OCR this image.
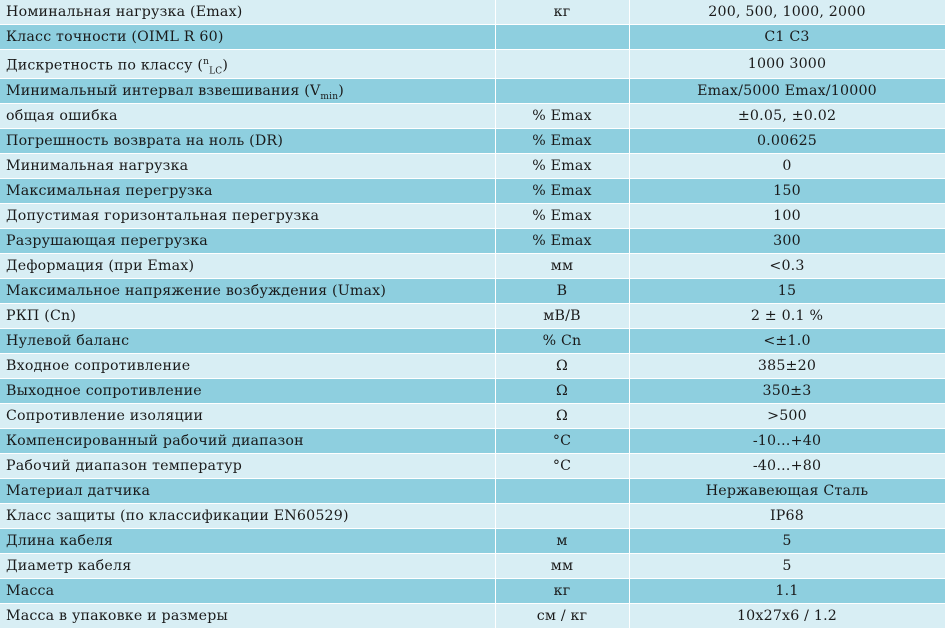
Номинальная нагрузка (Emax)	кг	200, 500, 1000, 2000
Класс точности (OIML R 60)		C1 C3
Дискретность по классу ($^n_{LC}$)		1000 3000
Минимальный интервал взвешивания $(V_{min})$		Emax/5000 Emax/10000
общая ошибка	% Emax	±0.05, ±0.02
Погрешность возврата на ноль (DR)	% Emax	0.00625
Минимальная нагрузка	% Emax	0
Максимальная перегрузка	% Emax	150
Допустимая горизонтальная перегрузка	% Emax	100
Разрушающая перегрузка	% Emax	300
Деформация (при Emax)	мм	<0.3
Максимальное напряжение возбуждения (Umax)	В	15
РКП (Cn)	мВ/В	2 ± 0.1 %
Нулевой баланс	% Cn	<±1.0
Входное сопротивление	Ω	385±20
Выходное сопротивление	Ω	350±3
Сопротивление изоляции	Ω	>500
Компенсированный рабочий диапазон	°C	-10…+40
Рабочий диапазон температур	°C	-40…+80
Материал датчика		Нержавеющая Сталь
Класс защиты (по классификации EN60529)		IP68
Длина кабеля	м	5
Диаметр кабеля	мм	5
Масса	кг	1.1
Масса в упаковке и размеры	см / кг	10x27x6 / 1.2
